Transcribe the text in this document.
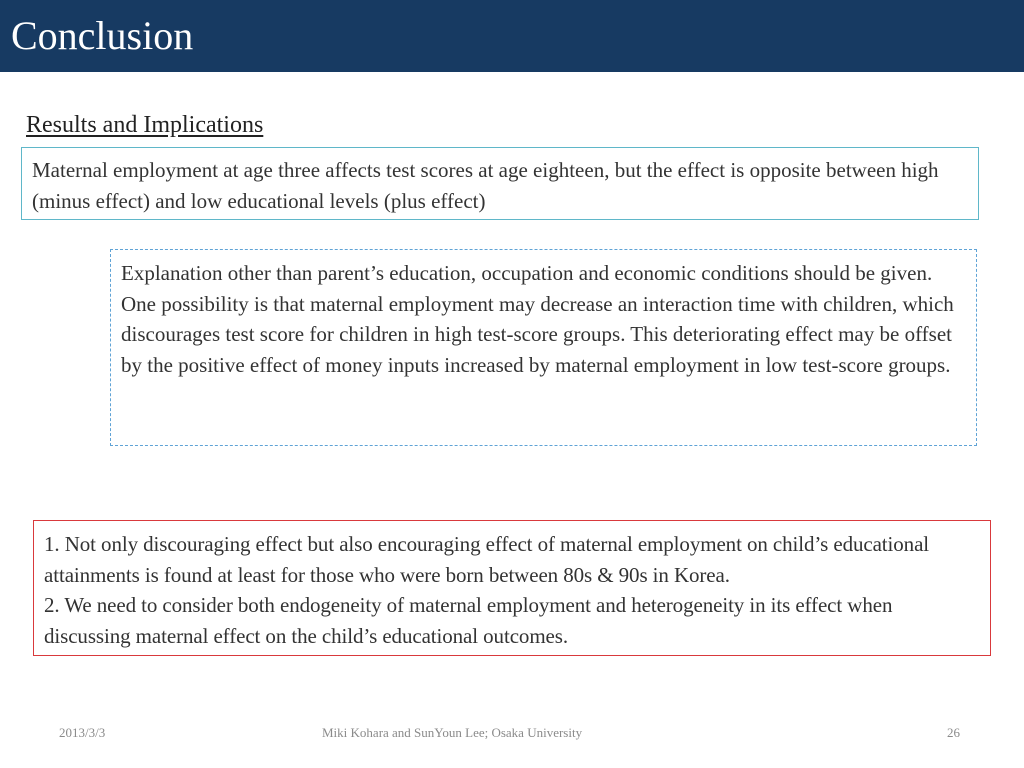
Conclusion
Results and Implications

Maternal employment at age three affects test scores at age eighteen, but the effect is opposite between high (minus effect) and low educational levels (plus effect)

Explanation other than parent’s education, occupation and economic conditions should be given.

One possibility is that maternal employment may decrease an interaction time with children, which discourages test score for children in high test-score groups. This deteriorating effect may be offset by the positive effect of money inputs increased by maternal employment in low test-score groups.

1. Not only discouraging effect but also encouraging effect of maternal employment on child’s educational attainments is found at least for those who were born between 80s & 90s in Korea.

2. We need to consider both endogeneity of maternal employment and heterogeneity in its effect when discussing maternal effect on the child’s educational outcomes.

2013/3/3	Miki Kohara and SunYoun Lee; Osaka University	26
